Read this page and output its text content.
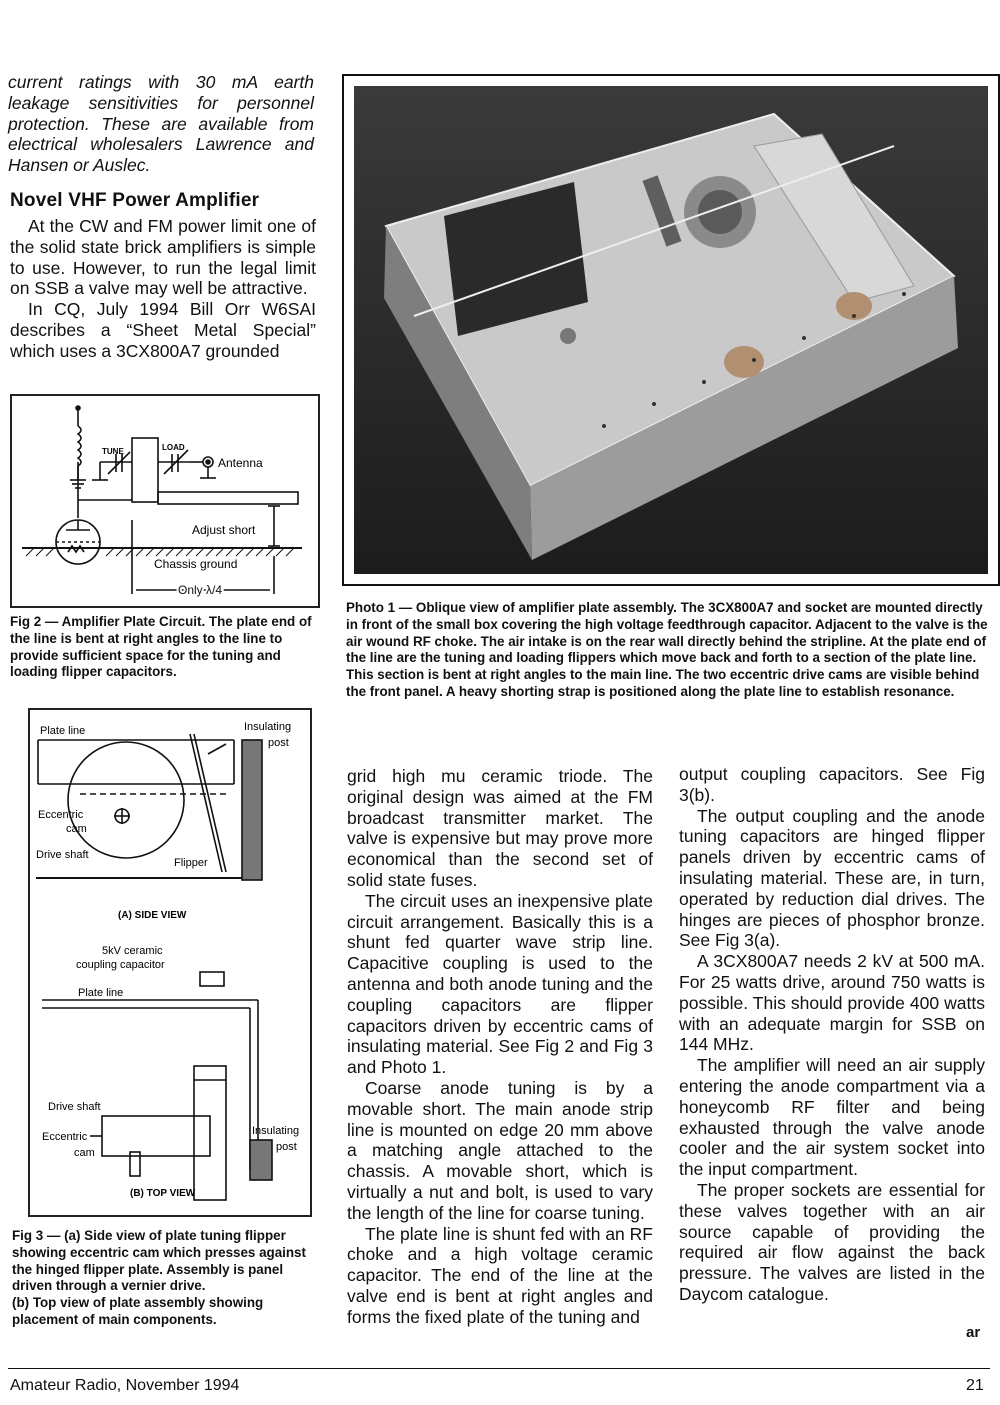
current ratings with 30 mA earth leakage sensitivities for personnel protection. These are available from electrical wholesalers Lawrence and Hansen or Auslec.
Novel VHF Power Amplifier

At the CW and FM power limit one of the solid state brick amplifiers is simple to use. However, to run the legal limit on SSB a valve may well be attractive.

In CQ, July 1994 Bill Orr W6SAI describes a “Sheet Metal Special” which uses a 3CX800A7 grounded

TUNE	LOAD
Antenna
Adjust short
Chassis ground
Only λ/4
Fig 2 — Amplifier Plate Circuit. The plate end of the line is bent at right angles to the line to provide sufficient space for the tuning and loading flipper capacitors.
Plate line	Insulating
post
Eccentric
cam
Drive shaft
Flipper
(A) SIDE VIEW
5kV ceramic
coupling capacitor
Plate line
Drive shaft
Eccentric
cam
Insulating
post
(B) TOP VIEW

Fig 3 — (a) Side view of plate tuning flipper showing eccentric cam which presses against the hinged flipper plate. Assembly is panel driven through a vernier drive.

(b) Top view of plate assembly showing placement of main components.

Photo 1 — Oblique view of amplifier plate assembly. The 3CX800A7 and socket are mounted directly in front of the small box covering the high voltage feedthrough capacitor. Adjacent to the valve is the air wound RF choke. The air intake is on the rear wall directly behind the stripline. At the plate end of the line are the tuning and loading flippers which move back and forth to a section of the plate line. This section is bent at right angles to the main line. The two eccentric drive cams are visible behind the front panel. A heavy shorting strap is positioned along the plate line to establish resonance.

grid high mu ceramic triode. The original design was aimed at the FM broadcast transmitter market. The valve is expensive but may prove more economical than the second set of solid state fuses.

The circuit uses an inexpensive plate circuit arrangement. Basically this is a shunt fed quarter wave strip line. Capacitive coupling is used to the antenna and both anode tuning and the coupling capacitors are flipper capacitors driven by eccentric cams of insulating material. See Fig 2 and Fig 3 and Photo 1.

Coarse anode tuning is by a movable short. The main anode strip line is mounted on edge 20 mm above a matching angle attached to the chassis. A movable short, which is virtually a nut and bolt, is used to vary the length of the line for coarse tuning.

The plate line is shunt fed with an RF choke and a high voltage ceramic capacitor. The end of the line at the valve end is bent at right angles and forms the fixed plate of the tuning and

output coupling capacitors. See Fig 3(b).

The output coupling and the anode tuning capacitors are hinged flipper panels driven by eccentric cams of insulating material. These are, in turn, operated by reduction dial drives. The hinges are pieces of phosphor bronze. See Fig 3(a).

A 3CX800A7 needs 2 kV at 500 mA. For 25 watts drive, around 750 watts is possible. This should provide 400 watts with an adequate margin for SSB on 144 MHz.

The amplifier will need an air supply entering the anode compartment via a honeycomb RF filter and being exhausted through the valve anode cooler and the air system socket into the input compartment.

The proper sockets are essential for these valves together with an air source capable of providing the required air flow against the back pressure. The valves are listed in the Daycom catalogue.

ar
Amateur Radio, November 1994	21
